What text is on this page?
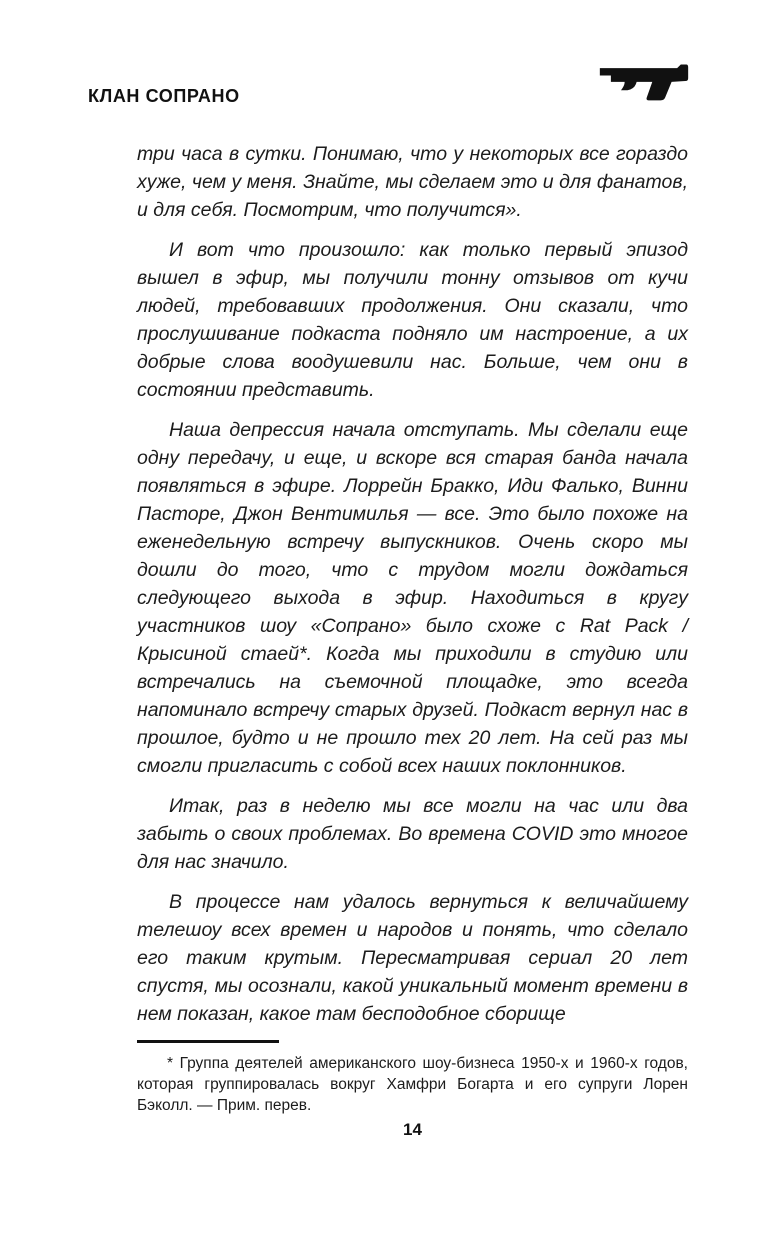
КЛАН СОПРАНО

три часа в сутки. Понимаю, что у некоторых все гораздо хуже, чем у меня. Знайте, мы сделаем это и для фанатов, и для себя. Посмотрим, что получится».

И вот что произошло: как только первый эпизод вышел в эфир, мы получили тонну отзывов от кучи людей, требовавших продолжения. Они сказали, что прослушивание подкаста подняло им настроение, а их добрые слова воодушевили нас. Больше, чем они в состоянии представить.

Наша депрессия начала отступать. Мы сделали еще одну передачу, и еще, и вскоре вся старая банда начала появляться в эфире. Лоррейн Бракко, Иди Фалько, Винни Пасторе, Джон Вентимилья — все. Это было похоже на еженедельную встречу выпускников. Очень скоро мы дошли до того, что с трудом могли дождаться следующего выхода в эфир. Находиться в кругу участников шоу «Сопрано» было схоже с Rat Pack / Крысиной стаей*. Когда мы приходили в студию или встречались на съемочной площадке, это всегда напоминало встречу старых друзей. Подкаст вернул нас в прошлое, будто и не прошло тех 20 лет. На сей раз мы смогли пригласить с собой всех наших поклонников.

Итак, раз в неделю мы все могли на час или два забыть о своих проблемах. Во времена COVID это многое для нас значило.

В процессе нам удалось вернуться к величайшему телешоу всех времен и народов и понять, что сделало его таким крутым. Пересматривая сериал 20 лет спустя, мы осознали, какой уникальный момент времени в нем показан, какое там бесподобное сборище

* Группа деятелей американского шоу-бизнеса 1950-х и 1960-х годов, которая группировалась вокруг Хамфри Богарта и его супруги Лорен Бэколл. — Прим. перев.

14
